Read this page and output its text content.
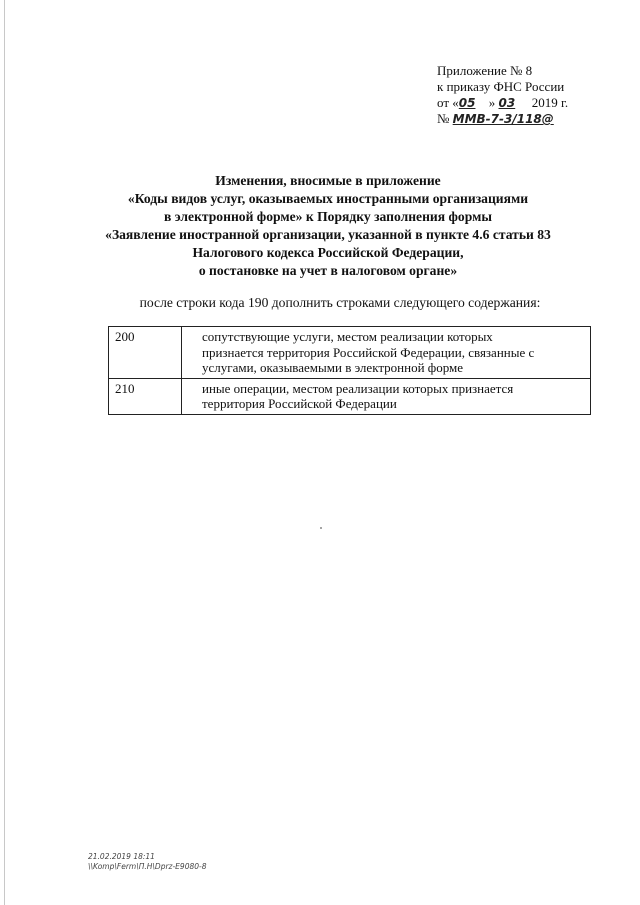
Приложение № 8
к приказу ФНС России
от «05 » 03 2019 г.
№ ММВ-7-3/118@
Изменения, вносимые в приложение
«Коды видов услуг, оказываемых иностранными организациями
в электронной форме» к Порядку заполнения формы
«Заявление иностранной организации, указанной в пункте 4.6 статьи 83
Налогового кодекса Российской Федерации,
о постановке на учет в налоговом органе»
после строки кода 190 дополнить строками следующего содержания:
200	сопутствующие услуги, местом реализации которых
признается территория Российской Федерации, связанные с
услугами, оказываемыми в электронной форме

210	иные операции, местом реализации которых признается
территория Российской Федерации
21.02.2019 18:11
\\Komp\Ferm\П.Н\Dprz-E9080-8
